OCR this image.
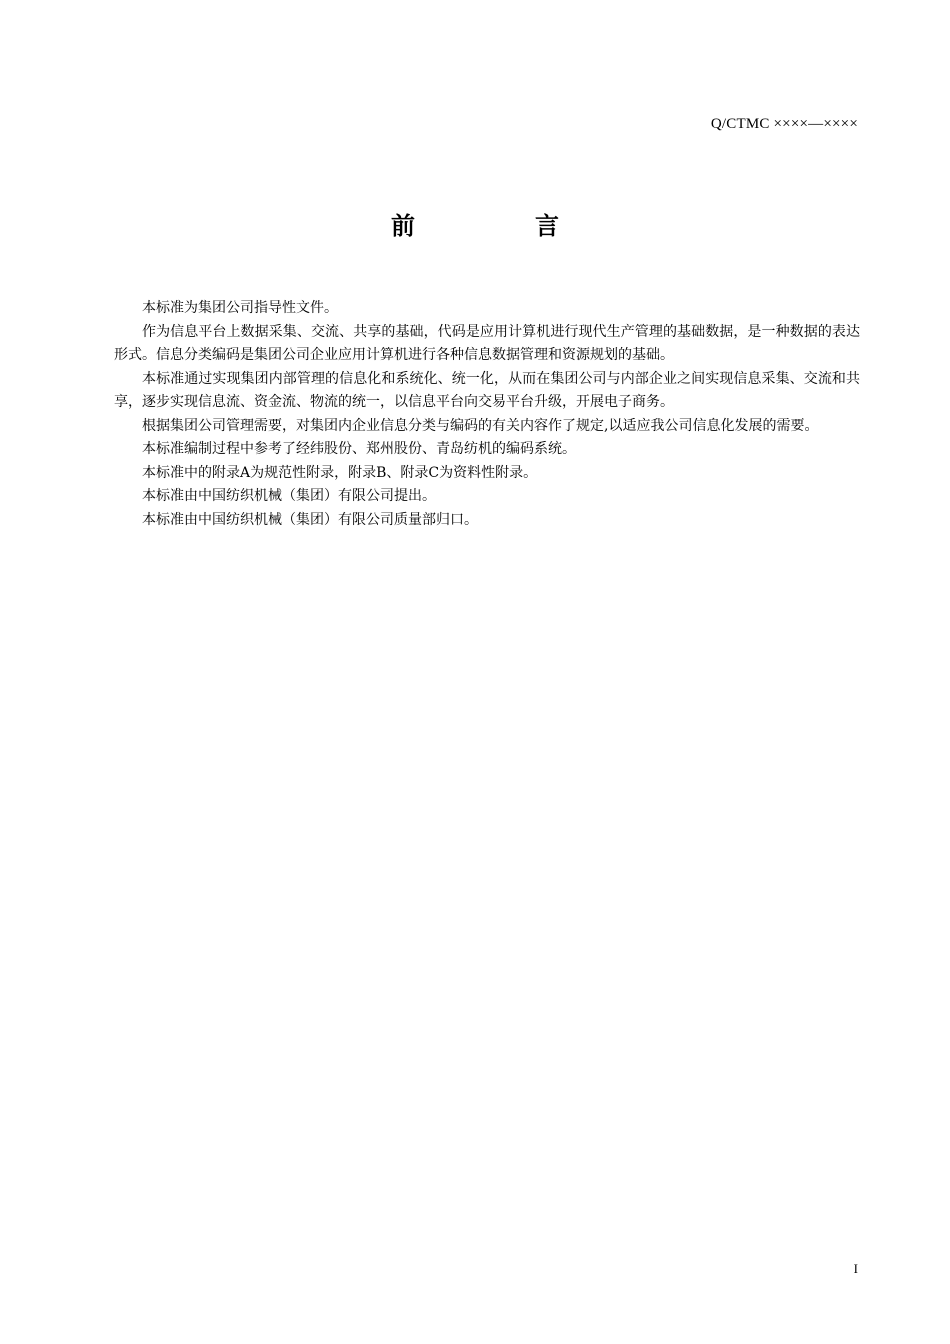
Q/CTMC ××××—××××
前　言

本标准为集团公司指导性文件。

作为信息平台上数据采集、交流、共享的基础，代码是应用计算机进行现代生产管理的基础数据，是一种数据的表达形式。信息分类编码是集团公司企业应用计算机进行各种信息数据管理和资源规划的基础。

本标准通过实现集团内部管理的信息化和系统化、统一化，从而在集团公司与内部企业之间实现信息采集、交流和共享，逐步实现信息流、资金流、物流的统一，以信息平台向交易平台升级，开展电子商务。

根据集团公司管理需要，对集团内企业信息分类与编码的有关内容作了规定,以适应我公司信息化发展的需要。

本标准编制过程中参考了经纬股份、郑州股份、青岛纺机的编码系统。

本标准中的附录A为规范性附录，附录B、附录C为资料性附录。

本标准由中国纺织机械（集团）有限公司提出。

本标准由中国纺织机械（集团）有限公司质量部归口。

I
